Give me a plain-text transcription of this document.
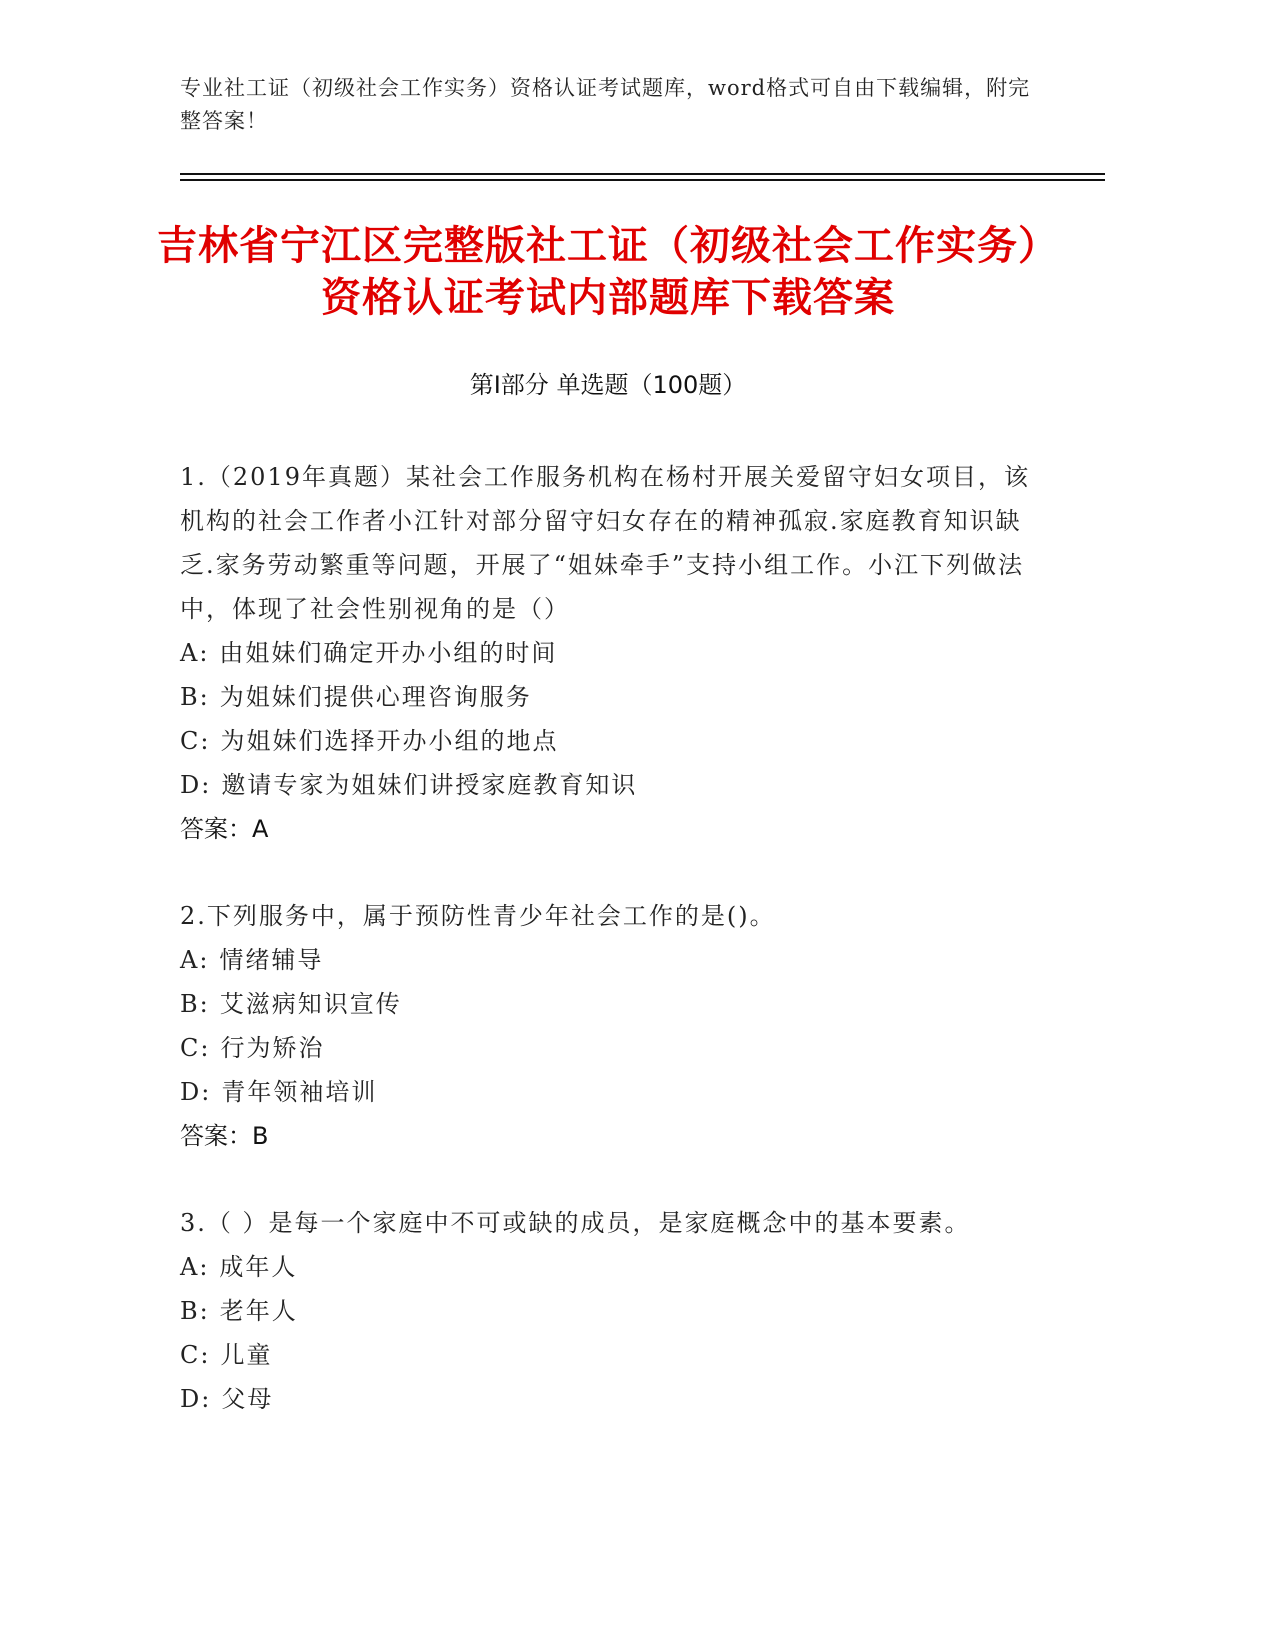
专业社工证（初级社会工作实务）资格认证考试题库，word格式可自由下载编辑，附完整答案！
吉林省宁江区完整版社工证（初级社会工作实务）资格认证考试内部题库下载答案
第Ⅰ部分 单选题（100题）
1.（2019年真题）某社会工作服务机构在杨村开展关爱留守妇女项目，该机构的社会工作者小江针对部分留守妇女存在的精神孤寂.家庭教育知识缺乏.家务劳动繁重等问题，开展了“姐妹牵手”支持小组工作。小江下列做法中，体现了社会性别视角的是（）
A: 由姐妹们确定开办小组的时间
B: 为姐妹们提供心理咨询服务
C: 为姐妹们选择开办小组的地点
D: 邀请专家为姐妹们讲授家庭教育知识
答案：A
2.下列服务中，属于预防性青少年社会工作的是()。
A: 情绪辅导
B: 艾滋病知识宣传
C: 行为矫治
D: 青年领袖培训
答案：B
3.（ ）是每一个家庭中不可或缺的成员，是家庭概念中的基本要素。
A: 成年人
B: 老年人
C: 儿童
D: 父母
